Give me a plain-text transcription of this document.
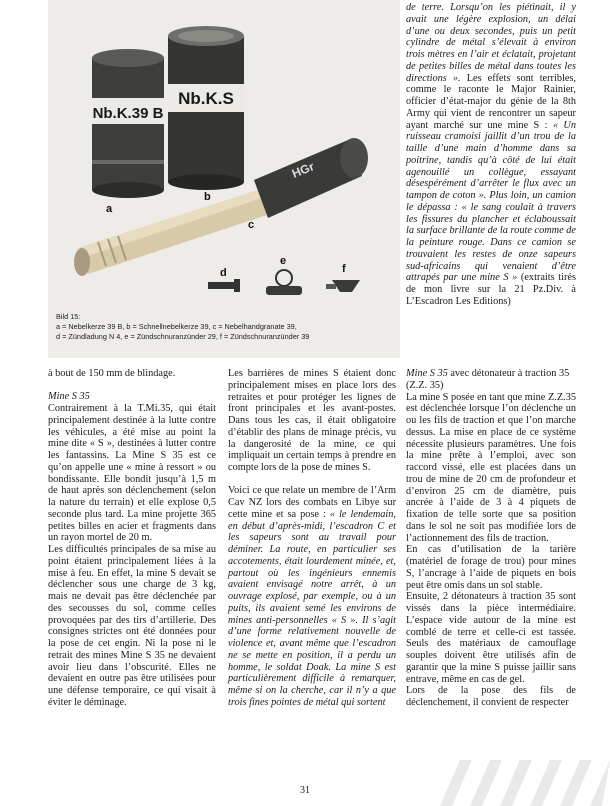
Nb.K.39 B
Nb.K.S
HGr
a
b
c
d
e
f
Bild 15:
a = Nebelkerze 39 B, b = Schnellnebelkerze 39, c = Nebelhandgranate 39,
d = Zündladung N 4, e = Zündschnuranzünder 29, f = Zündschnuranzünder 39

de terre. Lorsqu’on les piétinait, il y avait une légère explosion, un délai d’une ou deux secondes, puis un petit cylindre de métal s’élevait à environ trois mètres en l’air et éclatait, projetant de petites billes de métal dans toutes les directions ». Les effets sont terribles, comme le raconte le Major Rainier, officier d’état-major du génie de la 8th Army qui vient de rencontrer un sapeur ayant marché sur une mine S : « Un ruisseau cramoisi jaillit d’un trou de la taille d’une main d’homme dans sa poitrine, tandis qu’à côté de lui était agenouillé un collègue, essayant désespérément d’arrêter le flux avec un tampon de coton ». Plus loin, un camion le dépassa : « le sang coulait à travers les fissures du plancher et éclaboussait la surface brillante de la route comme de la peinture rouge. Dans ce camion se trouvaient les restes de onze sapeurs sud-africains qui venaient d’être attrapés par une mine S » (extraits tirés de mon livre sur la 21 Pz.Div. à L’Escadron Les Editions)

à bout de 150 mm de blindage.

Mine S 35

Contrairement à la T.Mi.35, qui était principalement destinée à la lutte contre les véhicules, a été mise au point la mine dite « S », destinées à lutter contre les fantassins. La Mine S 35 est ce qu’on appelle une « mine à ressort » ou bondissante. Elle bondit jusqu’à 1,5 m de haut après son déclenchement (selon la nature du terrain) et elle explose 0,5 seconde plus tard. La mine projette 365 petites billes en acier et fragments dans un rayon mortel de 20 m.

Les difficultés principales de sa mise au point étaient principalement liées à la mise à feu. En effet, la mine S devait se déclencher sous une charge de 3 kg, mais ne devait pas être déclenchée par des secousses du sol, comme celles provoquées par des tirs d’artillerie. Des consignes strictes ont été données pour la pose de cet engin. Ni la pose ni le retrait des mines Mine S 35 ne devaient avoir lieu dans l’obscurité. Elles ne devaient en outre pas être utilisées pour une défense temporaire, ce qui visait à éviter le déminage.

Les barrières de mines S étaient donc principalement mises en place lors des retraites et pour protéger les lignes de front principales et les avant-postes. Dans tous les cas, il était obligatoire d’établir des plans de minage précis, vu la dangerosité de la mine, ce qui impliquait un certain temps à prendre en compte lors de la pose de mines S.

Voici ce que relate un membre de l’Arm Cav NZ lors des combats en Libye sur cette mine et sa pose : « le lendemain, en début d’après-midi, l’escadron C et les sapeurs sont au travail pour déminer. La route, en particulier ses accotements, était lourdement minée, et, partout où les ingénieurs ennemis avaient envisagé notre arrêt, à un ouvrage explosé, par exemple, ou à un puits, ils avaient semé les environs de mines anti-personnelles « S ». Il s’agit d’une forme relativement nouvelle de violence et, avant même que l’escadron ne se mette en position, il a perdu un homme, le soldat Doak. La mine S est particulièrement difficile à remarquer, même si on la cherche, car il n’y a que trois fines pointes de métal qui sortent

Mine S 35 avec détonateur à traction 35 (Z.Z. 35)

La mine S posée en tant que mine Z.Z.35 est déclenchée lorsque l’on déclenche un ou les fils de traction et que l’on marche dessus. La mise en place de ce système nécessite plusieurs paramètres. Une fois la mine prête à l’emploi, avec son raccord vissé, elle est placées dans un trou de mine de 20 cm de profondeur et d’environ 25 cm de diamètre, puis ancrée à l’aide de 3 à 4 piquets de fixation de telle sorte que sa position dans le sol ne soit pas modifiée lors de l’actionnement des fils de traction.

En cas d’utilisation de la tarière (matériel de forage de trou) pour mines S, l’ancrage à l’aide de piquets en bois peut être omis dans un sol stable.

Ensuite, 2 détonateurs à traction 35 sont vissés dans la pièce intermédiaire. L’espace vide autour de la mine est comblé de terre et celle-ci est tassée. Seuls des matériaux de camouflage souples doivent être utilisés afin de garantir que la mine S puisse jaillir sans entrave, même en cas de gel.

Lors de la pose des fils de déclenchement, il convient de respecter

31
